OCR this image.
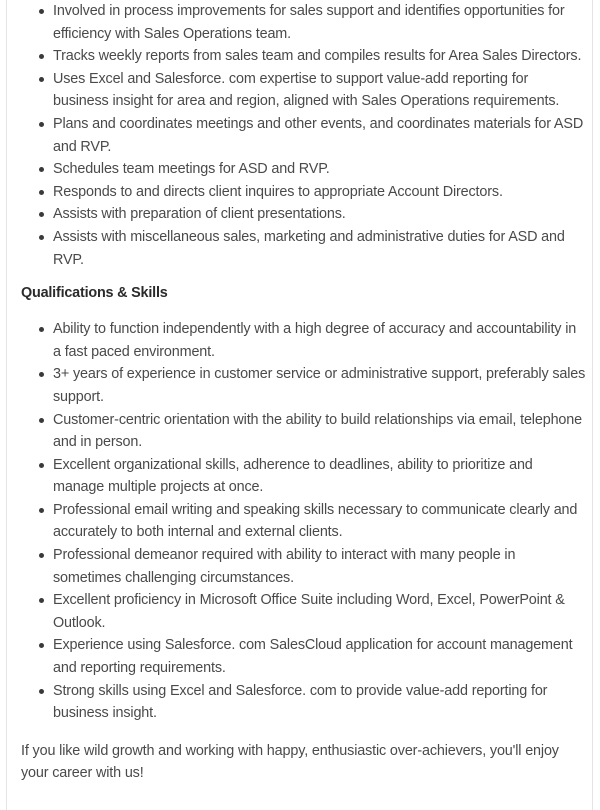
Involved in process improvements for sales support and identifies opportunities for efficiency with Sales Operations team.
Tracks weekly reports from sales team and compiles results for Area Sales Directors.
Uses Excel and Salesforce. com expertise to support value-add reporting for business insight for area and region, aligned with Sales Operations requirements.
Plans and coordinates meetings and other events, and coordinates materials for ASD and RVP.
Schedules team meetings for ASD and RVP.
Responds to and directs client inquires to appropriate Account Directors.
Assists with preparation of client presentations.
Assists with miscellaneous sales, marketing and administrative duties for ASD and RVP.
Qualifications & Skills
Ability to function independently with a high degree of accuracy and accountability in a fast paced environment.
3+ years of experience in customer service or administrative support, preferably sales support.
Customer-centric orientation with the ability to build relationships via email, telephone and in person.
Excellent organizational skills, adherence to deadlines, ability to prioritize and manage multiple projects at once.
Professional email writing and speaking skills necessary to communicate clearly and accurately to both internal and external clients.
Professional demeanor required with ability to interact with many people in sometimes challenging circumstances.
Excellent proficiency in Microsoft Office Suite including Word, Excel, PowerPoint & Outlook.
Experience using Salesforce. com SalesCloud application for account management and reporting requirements.
Strong skills using Excel and Salesforce. com to provide value-add reporting for business insight.

If you like wild growth and working with happy, enthusiastic over-achievers, you'll enjoy your career with us!
